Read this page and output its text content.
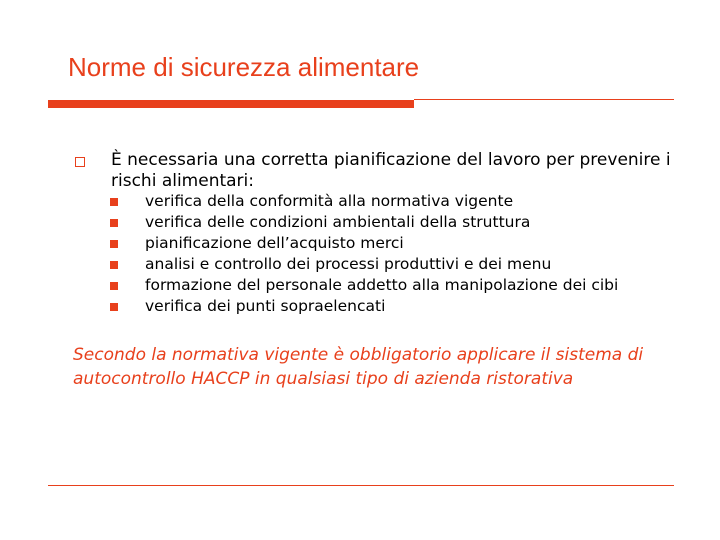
Norme di sicurezza alimentare
È necessaria una corretta pianificazione del lavoro per prevenire i rischi alimentari:
verifica della conformità alla normativa vigente
verifica delle condizioni ambientali della struttura
pianificazione dell’acquisto merci
analisi e controllo dei processi produttivi e dei menu
formazione del personale addetto alla manipolazione dei cibi
verifica dei punti sopraelencati
Secondo la normativa vigente è obbligatorio applicare il sistema di autocontrollo HACCP in qualsiasi tipo di azienda ristorativa
